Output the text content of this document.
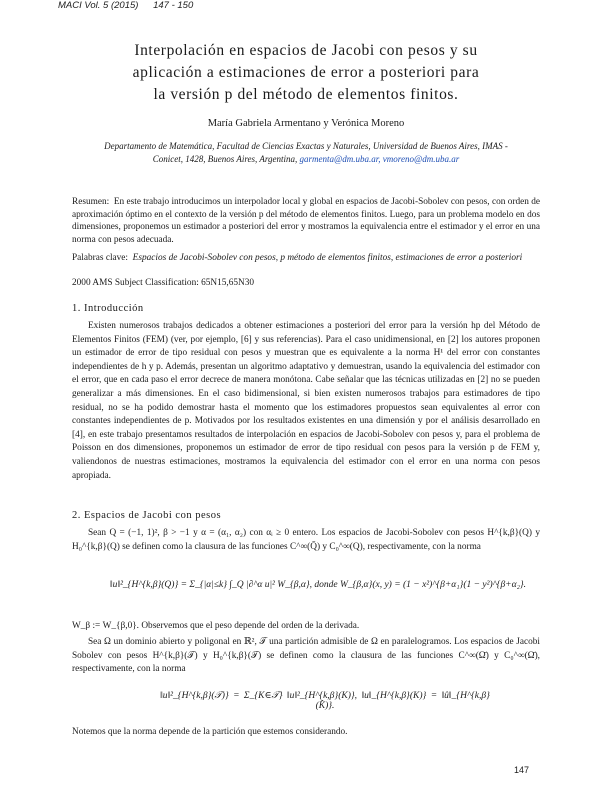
MACI Vol. 5 (2015) 147 - 150
Interpolación en espacios de Jacobi con pesos y su
aplicación a estimaciones de error a posteriori para
la versión p del método de elementos finitos.
María Gabriela Armentano y Verónica Moreno
Departamento de Matemática, Facultad de Ciencias Exactas y Naturales, Universidad de Buenos Aires, IMAS -
Conicet, 1428, Buenos Aires, Argentina, garmenta@dm.uba.ar, vmoreno@dm.uba.ar
Resumen: En este trabajo introducimos un interpolador local y global en espacios de Jacobi-Sobolev con pesos, con orden de aproximación óptimo en el contexto de la versión p del método de elementos finitos. Luego, para un problema modelo en dos dimensiones, proponemos un estimador a posteriori del error y mostramos la equivalencia entre el estimador y el error en una norma con pesos adecuada.
Palabras clave: Espacios de Jacobi-Sobolev con pesos, p método de elementos finitos, estimaciones de error a posteriori
2000 AMS Subject Classification: 65N15,65N30
1. Introducción
Existen numerosos trabajos dedicados a obtener estimaciones a posteriori del error para la versión hp del Método de Elementos Finitos (FEM) (ver, por ejemplo, [6] y sus referencias). Para el caso unidimensional, en [2] los autores proponen un estimador de error de tipo residual con pesos y muestran que es equivalente a la norma H¹ del error con constantes independientes de h y p. Además, presentan un algoritmo adaptativo y demuestran, usando la equivalencia del estimador con el error, que en cada paso el error decrece de manera monótona. Cabe señalar que las técnicas utilizadas en [2] no se pueden generalizar a más dimensiones. En el caso bidimensional, si bien existen numerosos trabajos para estimadores de tipo residual, no se ha podido demostrar hasta el momento que los estimadores propuestos sean equivalentes al error con constantes independientes de p. Motivados por los resultados existentes en una dimensión y por el análisis desarrollado en [4], en este trabajo presentamos resultados de interpolación en espacios de Jacobi-Sobolev con pesos y, para el problema de Poisson en dos dimensiones, proponemos un estimador de error de tipo residual con pesos para la versión p de FEM y, valiendonos de nuestras estimaciones, mostramos la equivalencia del estimador con el error en una norma con pesos apropiada.
2. Espacios de Jacobi con pesos
Sean Q = (−1, 1)², β > −1 y α = (α₁, α₂) con αᵢ ≥ 0 entero. Los espacios de Jacobi-Sobolev con pesos H^{k,β}(Q) y H₀^{k,β}(Q) se definen como la clausura de las funciones C^∞(Q̄) y C₀^∞(Q), respectivamente, con la norma
‖u‖²_{H^{k,β}(Q)} = Σ_{|α|≤k} ∫_Q |∂^α u|² W_{β,α}, donde W_{β,α}(x, y) = (1 − x²)^{β+α₁}(1 − y²)^{β+α₂}.
W_β := W_{β,0}. Observemos que el peso depende del orden de la derivada.
Sea Ω un dominio abierto y poligonal en ℝ², 𝒯 una partición admisible de Ω en paralelogramos. Los espacios de Jacobi Sobolev con pesos H^{k,β}(𝒯) y H₀^{k,β}(𝒯) se definen como la clausura de las funciones C^∞(Ω̄) y C₀^∞(Ω̄), respectivamente, con la norma
‖u‖²_{H^{k,β}(𝒯)} = Σ_{K∈𝒯} ‖u‖²_{H^{k,β}(K)}, ‖u‖_{H^{k,β}(K)} = ‖û‖_{H^{k,β}(K̂)}.
Notemos que la norma depende de la partición que estemos considerando.
147
